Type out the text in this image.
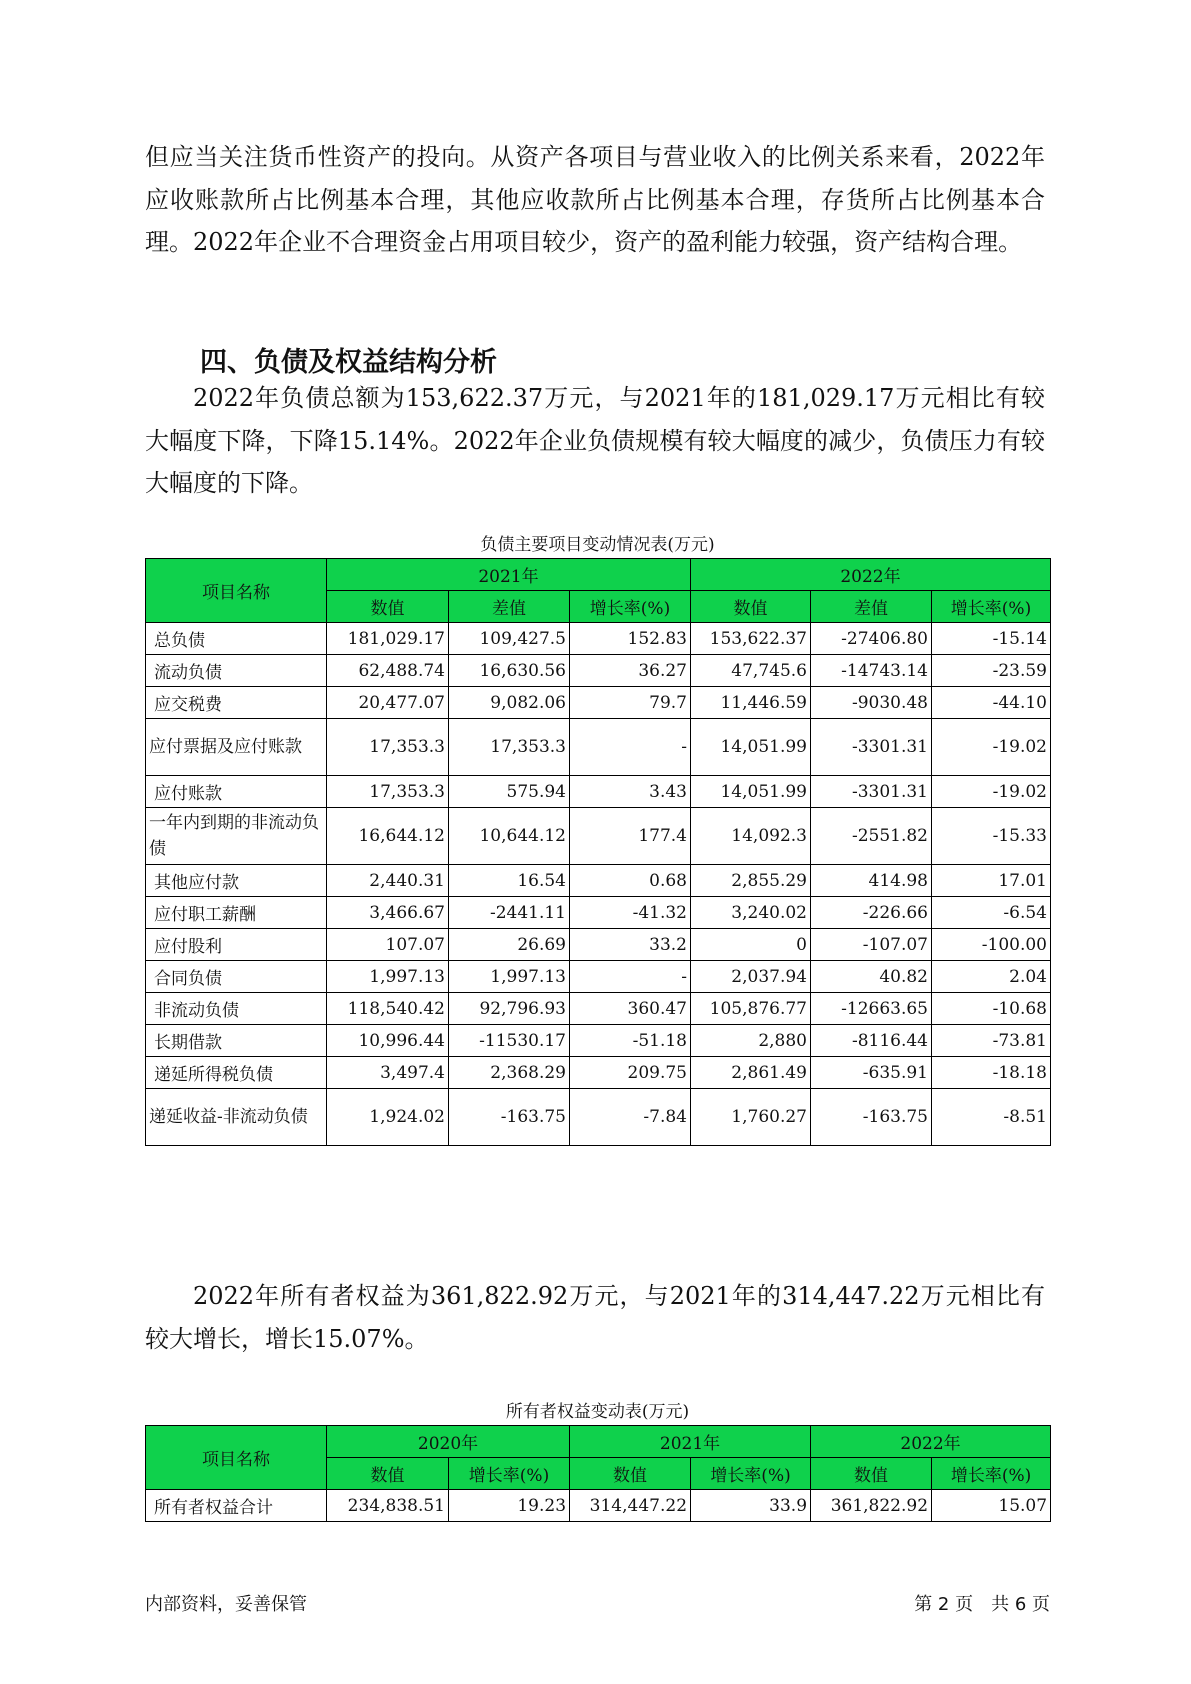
但应当关注货币性资产的投向。从资产各项目与营业收入的比例关系来看，2022年应收账款所占比例基本合理，其他应收款所占比例基本合理，存货所占比例基本合理。2022年企业不合理资金占用项目较少，资产的盈利能力较强，资产结构合理。

四、负债及权益结构分析

2022年负债总额为153,622.37万元，与2021年的181,029.17万元相比有较大幅度下降，下降15.14%。2022年企业负债规模有较大幅度的减少，负债压力有较大幅度的下降。

负债主要项目变动情况表(万元)
项目名称	2021年			2022年		
	数值	差值	增长率(%)	数值	差值	增长率(%)
总负债	181,029.17	109,427.5	152.83	153,622.37	-27406.80	-15.14
流动负债	62,488.74	16,630.56	36.27	47,745.6	-14743.14	-23.59
应交税费	20,477.07	9,082.06	79.7	11,446.59	-9030.48	-44.10
应付票据及应付账款	17,353.3	17,353.3	-	14,051.99	-3301.31	-19.02
应付账款	17,353.3	575.94	3.43	14,051.99	-3301.31	-19.02
一年内到期的非流动负债	16,644.12	10,644.12	177.4	14,092.3	-2551.82	-15.33
其他应付款	2,440.31	16.54	0.68	2,855.29	414.98	17.01
应付职工薪酬	3,466.67	-2441.11	-41.32	3,240.02	-226.66	-6.54
应付股利	107.07	26.69	33.2	0	-107.07	-100.00
合同负债	1,997.13	1,997.13	-	2,037.94	40.82	2.04
非流动负债	118,540.42	92,796.93	360.47	105,876.77	-12663.65	-10.68
长期借款	10,996.44	-11530.17	-51.18	2,880	-8116.44	-73.81
递延所得税负债	3,497.4	2,368.29	209.75	2,861.49	-635.91	-18.18
递延收益-非流动负债	1,924.02	-163.75	-7.84	1,760.27	-163.75	-8.51

2022年所有者权益为361,822.92万元，与2021年的314,447.22万元相比有较大增长，增长15.07%。

所有者权益变动表(万元)
项目名称	2020年		2021年		2022年	
	数值	增长率(%)	数值	增长率(%)	数值	增长率(%)
所有者权益合计	234,838.51	19.23	314,447.22	33.9	361,822.92	15.07
内部资料，妥善保管	第 2 页　共 6 页
